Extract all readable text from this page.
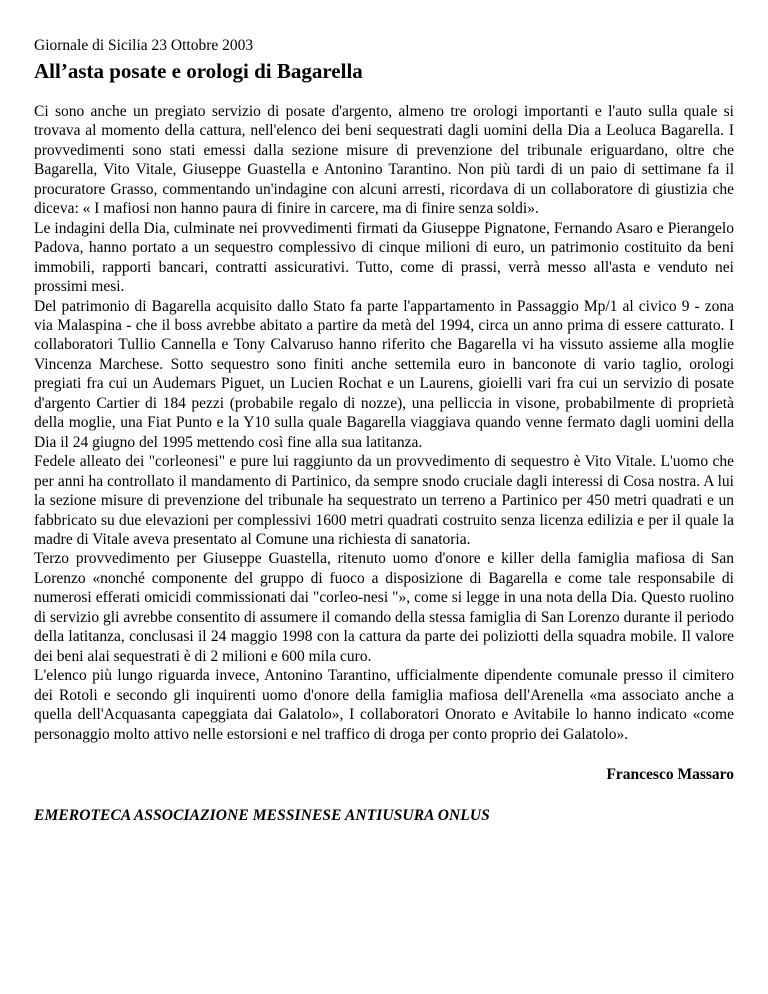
Giornale di Sicilia 23 Ottobre 2003

All’asta posate e orologi di Bagarella

Ci sono anche un pregiato servizio di posate d'argento, almeno tre orologi importanti e l'auto sulla quale si trovava al momento della cattura, nell'elenco dei beni sequestrati dagli uomini della Dia a Leoluca Bagarella. I provvedimenti sono stati emessi dalla sezione misure di prevenzione del tribunale eriguardano, oltre che Bagarella, Vito Vitale, Giuseppe Guastella e Antonino Tarantino. Non più tardi di un paio di settimane fa il procuratore Grasso, commentando un'indagine con alcuni arresti, ricordava di un collaboratore di giustizia che diceva: « I mafiosi non hanno paura di finire in carcere, ma di finire senza soldi».

Le indagini della Dia, culminate nei provvedimenti firmati da Giuseppe Pignatone, Fernando Asaro e Pierangelo Padova, hanno portato a un sequestro complessivo di cinque milioni di euro, un patrimonio costituito da beni immobili, rapporti bancari, contratti assicurativi. Tutto, come di prassi, verrà messo all'asta e venduto nei prossimi mesi.

Del patrimonio di Bagarella acquisito dallo Stato fa parte l'appartamento in Passaggio Mp/1 al civico 9 - zona via Malaspina - che il boss avrebbe abitato a partire da metà del 1994, circa un anno prima di essere catturato. I collaboratori Tullio Cannella e Tony Calvaruso hanno riferito che Bagarella vi ha vissuto assieme alla moglie Vincenza Marchese. Sotto sequestro sono finiti anche settemila euro in banconote di vario taglio, orologi pregiati fra cui un Audemars Piguet, un Lucien Rochat e un Laurens, gioielli vari fra cui un servizio di posate d'argento Cartier di 184 pezzi (probabile regalo di nozze), una pelliccia in visone, probabilmente di proprietà della moglie, una Fiat Punto e la Y10 sulla quale Bagarella viaggiava quando venne fermato dagli uomini della Dia il 24 giugno del 1995 mettendo così fine alla sua latitanza.

Fedele alleato dei "corleonesi" e pure lui raggiunto da un provvedimento di sequestro è Vito Vitale. L'uomo che per anni ha controllato il mandamento di Partinico, da sempre snodo cruciale dagli interessi di Cosa nostra. A lui la sezione misure di prevenzione del tribunale ha sequestrato un terreno a Partinico per 450 metri quadrati e un fabbricato su due elevazioni per complessivi 1600 metri quadrati costruito senza licenza edilizia e per il quale la madre di Vitale aveva presentato al Comune una richiesta di sanatoria.

Terzo provvedimento per Giuseppe Guastella, ritenuto uomo d'onore e killer della famiglia mafiosa di San Lorenzo «nonché componente del gruppo di fuoco a disposizione di Bagarella e come tale responsabile di numerosi efferati omicidi commissionati dai "corleo-nesi "», come si legge in una nota della Dia. Questo ruolino di servizio gli avrebbe consentito di assumere il comando della stessa famiglia di San Lorenzo durante il periodo della latitanza, conclusasi il 24 maggio 1998 con la cattura da parte dei poliziotti della squadra mobile. Il valore dei beni alai sequestrati è di 2 milioni e 600 mila curo.

L'elenco più lungo riguarda invece, Antonino Tarantino, ufficialmente dipendente comunale presso il cimitero dei Rotoli e secondo gli inquirenti uomo d'onore della famiglia mafiosa dell'Arenella «ma associato anche a quella dell'Acquasanta capeggiata dai Galatolo», I collaboratori Onorato e Avitabile lo hanno indicato «come personaggio molto attivo nelle estorsioni e nel traffico di droga per conto proprio dei Galatolo».

Francesco Massaro
EMEROTECA ASSOCIAZIONE MESSINESE ANTIUSURA ONLUS
